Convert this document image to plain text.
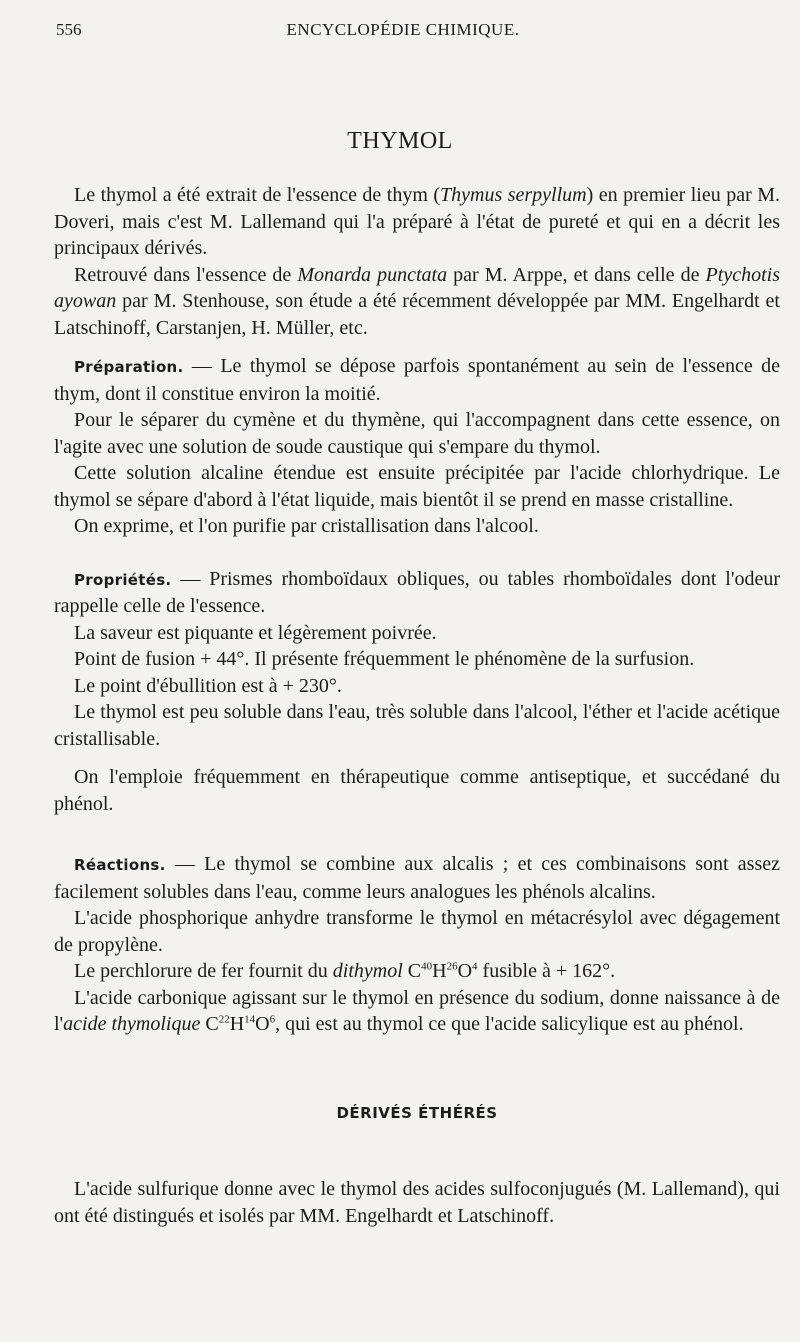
556	ENCYCLOPÉDIE CHIMIQUE.
THYMOL

Le thymol a été extrait de l'essence de thym (Thymus serpyllum) en premier lieu par M. Doveri, mais c'est M. Lallemand qui l'a préparé à l'état de pureté et qui en a décrit les principaux dérivés.

Retrouvé dans l'essence de Monarda punctata par M. Arppe, et dans celle de Ptychotis ayowan par M. Stenhouse, son étude a été récemment développée par MM. Engelhardt et Latschinoff, Carstanjen, H. Müller, etc.

Préparation. — Le thymol se dépose parfois spontanément au sein de l'essence de thym, dont il constitue environ la moitié.

Pour le séparer du cymène et du thymène, qui l'accompagnent dans cette essence, on l'agite avec une solution de soude caustique qui s'empare du thymol.

Cette solution alcaline étendue est ensuite précipitée par l'acide chlorhydrique. Le thymol se sépare d'abord à l'état liquide, mais bientôt il se prend en masse cristalline.

On exprime, et l'on purifie par cristallisation dans l'alcool.

Propriétés. — Prismes rhomboïdaux obliques, ou tables rhomboïdales dont l'odeur rappelle celle de l'essence.

La saveur est piquante et légèrement poivrée.

Point de fusion + 44°. Il présente fréquemment le phénomène de la surfusion.

Le point d'ébullition est à + 230°.

Le thymol est peu soluble dans l'eau, très soluble dans l'alcool, l'éther et l'acide acétique cristallisable.

On l'emploie fréquemment en thérapeutique comme antiseptique, et succédané du phénol.

Réactions. — Le thymol se combine aux alcalis ; et ces combinaisons sont assez facilement solubles dans l'eau, comme leurs analogues les phénols alcalins.

L'acide phosphorique anhydre transforme le thymol en métacrésylol avec dégagement de propylène.

Le perchlorure de fer fournit du dithymol $C^{40}H^{26}O^4$ fusible à + 162°.

L'acide carbonique agissant sur le thymol en présence du sodium, donne naissance à de l'acide thymolique $C^{22}H^{14}O^6$, qui est au thymol ce que l'acide salicylique est au phénol.

DÉRIVÉS ÉTHÉRÉS

L'acide sulfurique donne avec le thymol des acides sulfoconjugués (M. Lallemand), qui ont été distingués et isolés par MM. Engelhardt et Latschinoff.
